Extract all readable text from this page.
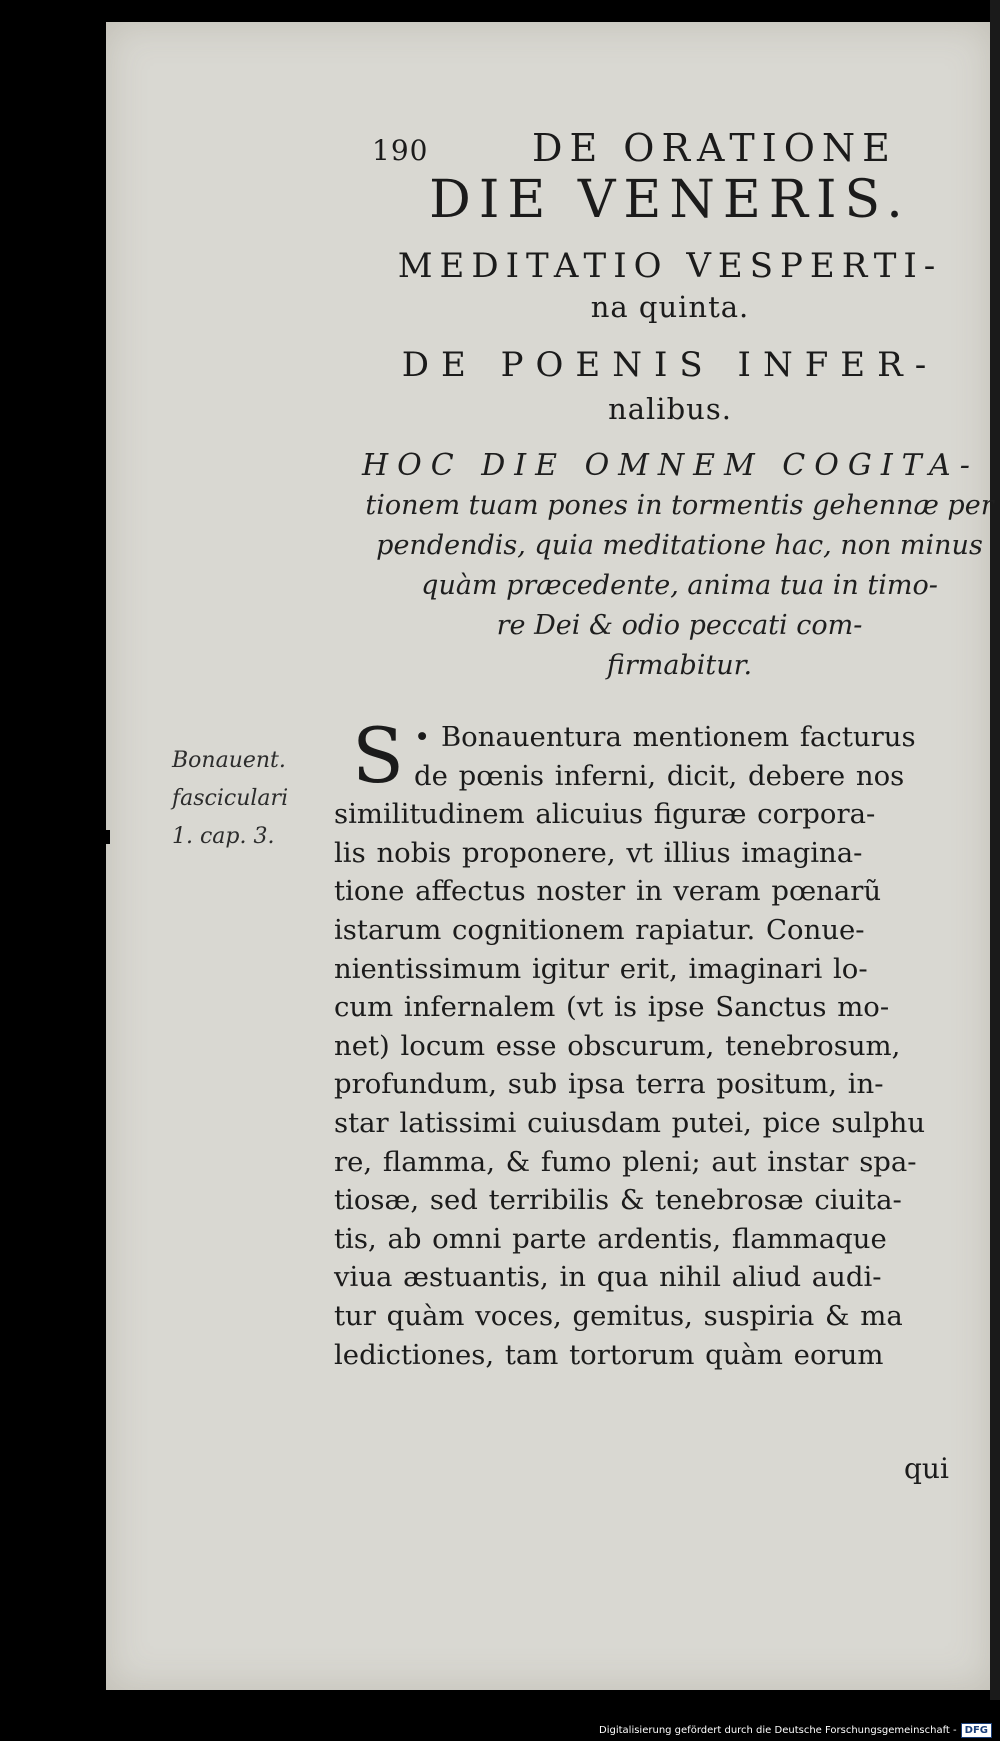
190	DE ORATIONE
DIE VENERIS.
MEDITATIO VESPERTI-
na quinta.
DE POENIS INFER-
nalibus.
HOC DIE OMNEM COGITA-
tionem tuam pones in tormentis gehennæ per
pendendis, quia meditatione hac, non minus
quàm præcedente, anima tua in timo-
re Dei & odio peccati com-
firmabitur.
Bonauent.
fasciculari
1. cap. 3.
S • Bonauentura mentionem facturus
de pœnis inferni, dicit, debere nos
similitudinem alicuius figuræ corpora-
lis nobis proponere, vt illius imagina-
tione affectus noster in veram pœnarũ
istarum cognitionem rapiatur. Conue-
nientissimum igitur erit, imaginari lo-
cum infernalem (vt is ipse Sanctus mo-
net) locum esse obscurum, tenebrosum,
profundum, sub ipsa terra positum, in-
star latissimi cuiusdam putei, pice sulphu
re, flamma, & fumo pleni; aut instar spa-
tiosæ, sed terribilis & tenebrosæ ciuita-
tis, ab omni parte ardentis, flammaque
viua æstuantis, in qua nihil aliud audi-
tur quàm voces, gemitus, suspiria & ma
ledictiones, tam tortorum quàm eorum
qui
Digitalisierung gefördert durch die Deutsche Forschungsgemeinschaft - DFG
